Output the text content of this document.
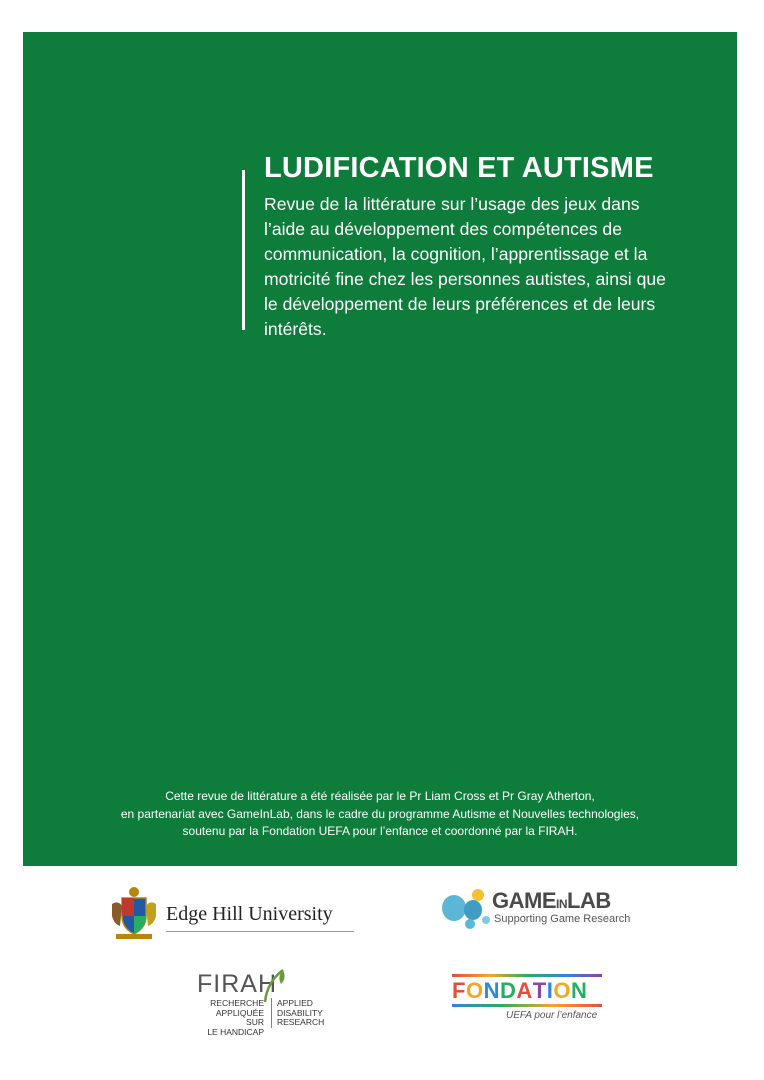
LUDIFICATION ET AUTISME

Revue de la littérature sur l’usage des jeux dans
l’aide au développement des compétences de
communication, la cognition, l’apprentissage et la
motricité fine chez les personnes autistes, ainsi que
le développement de leurs préférences et de leurs
intérêts.

Cette revue de littérature a été réalisée par le Pr Liam Cross et Pr Gray Atherton,
en partenariat avec GameInLab, dans le cadre du programme Autisme et Nouvelles technologies,
soutenu par la Fondation UEFA pour l’enfance et coordonné par la FIRAH.

Edge Hill University
GAMEINLAB
Supporting Game Research
FIRAH
RECHERCHE
APPLIQUÉE SUR
LE HANDICAP
APPLIED
DISABILITY
RESEARCH
FONDATION
UEFA pour l’enfance
